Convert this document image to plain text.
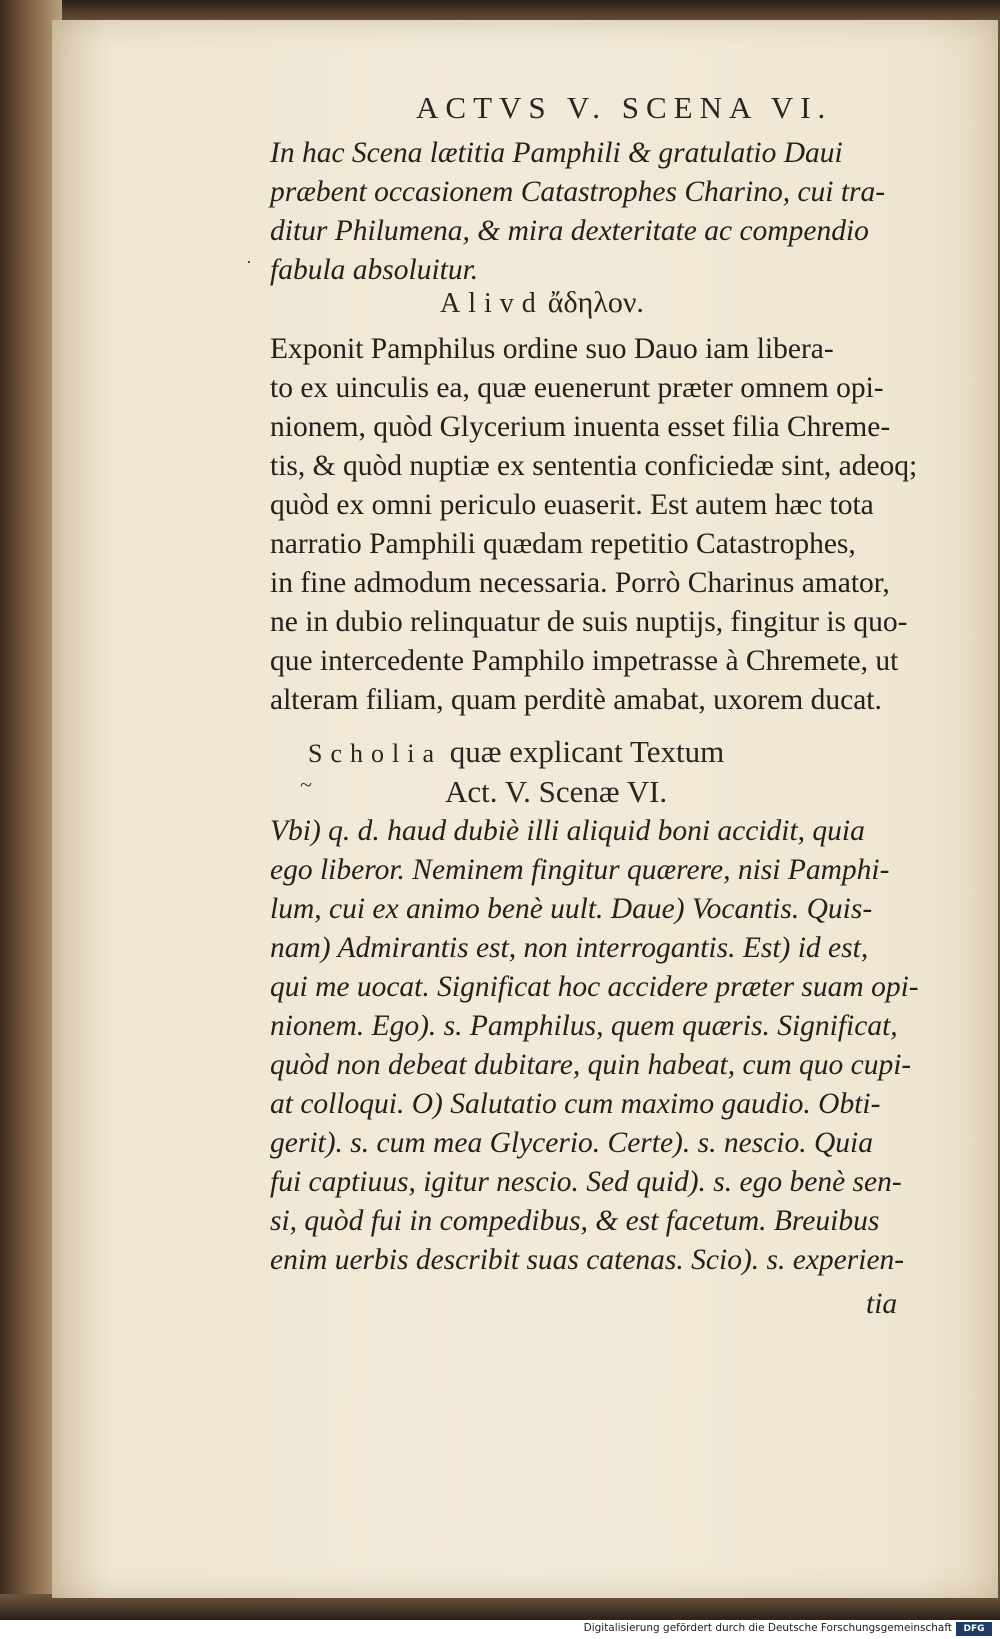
ACTVS V. SCENA VI.
In hac Scena lætitia Pamphili & gratulatio Daui
præbent occasionem Catastrophes Charino, cui tra-
ditur Philumena, & mira dexteritate ac compendio
fabula absoluitur.
Alivd ἄδηλον.
Exponit Pamphilus ordine suo Dauo iam libera-
to ex uinculis ea, quæ euenerunt præter omnem opi-
nionem, quòd Glycerium inuenta esset filia Chreme-
tis, & quòd nuptiæ ex sententia conficiedæ sint, adeoq;
quòd ex omni periculo euaserit. Est autem hæc tota
narratio Pamphili quædam repetitio Catastrophes,
in fine admodum necessaria. Porrò Charinus amator,
ne in dubio relinquatur de suis nuptijs, fingitur is quo-
que intercedente Pamphilo impetrasse à Chremete, ut
alteram filiam, quam perditè amabat, uxorem ducat.
Scholia quæ explicant Textum
Act. V. Scenæ VI.
~
·
Vbi) q. d. haud dubiè illi aliquid boni accidit, quia
ego liberor. Neminem fingitur quærere, nisi Pamphi-
lum, cui ex animo benè uult. Daue) Vocantis. Quis-
nam) Admirantis est, non interrogantis. Est) id est,
qui me uocat. Significat hoc accidere præter suam opi-
nionem. Ego). s. Pamphilus, quem quæris. Significat,
quòd non debeat dubitare, quin habeat, cum quo cupi-
at colloqui. O) Salutatio cum maximo gaudio. Obti-
gerit). s. cum mea Glycerio. Certe). s. nescio. Quia
fui captiuus, igitur nescio. Sed quid). s. ego benè sen-
si, quòd fui in compedibus, & est facetum. Breuibus
enim uerbis describit suas catenas. Scio). s. experien-
tia
Digitalisierung gefördert durch die Deutsche Forschungsgemeinschaft	DFG
